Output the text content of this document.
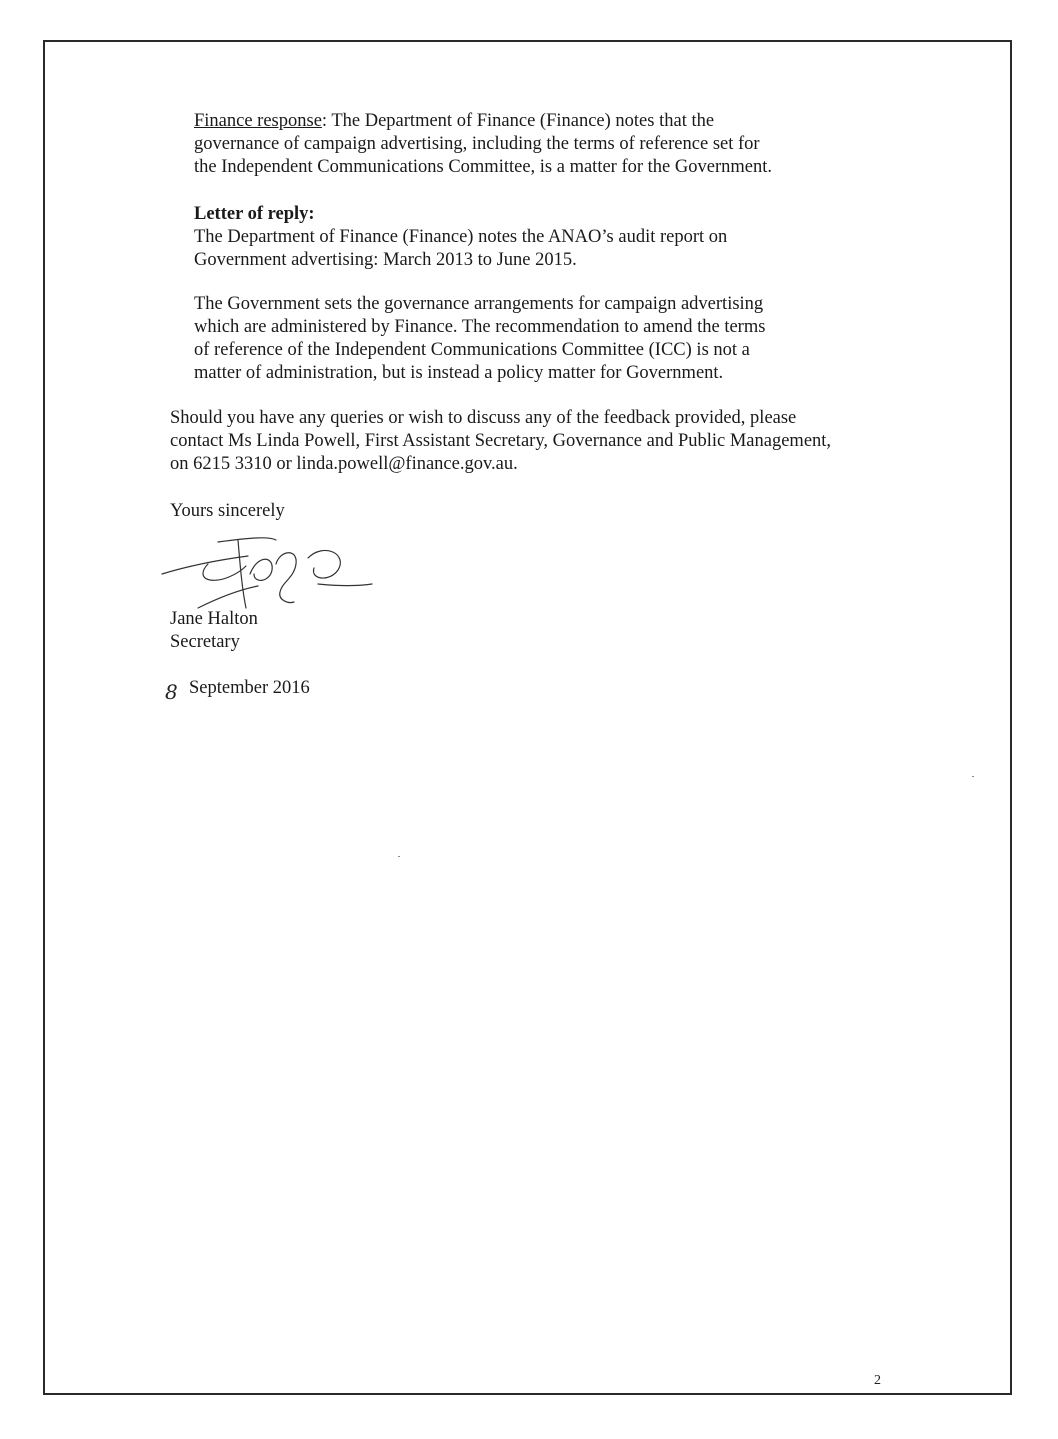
Finance response: The Department of Finance (Finance) notes that the
governance of campaign advertising, including the terms of reference set for
the Independent Communications Committee, is a matter for the Government.
Letter of reply:
The Department of Finance (Finance) notes the ANAO’s audit report on
Government advertising: March 2013 to June 2015.
The Government sets the governance arrangements for campaign advertising
which are administered by Finance. The recommendation to amend the terms
of reference of the Independent Communications Committee (ICC) is not a
matter of administration, but is instead a policy matter for Government.
Should you have any queries or wish to discuss any of the feedback provided, please
contact Ms Linda Powell, First Assistant Secretary, Governance and Public Management,
on 6215 3310 or linda.powell@finance.gov.au.
Yours sincerely
Jane Halton
Secretary
8 September 2016
2
